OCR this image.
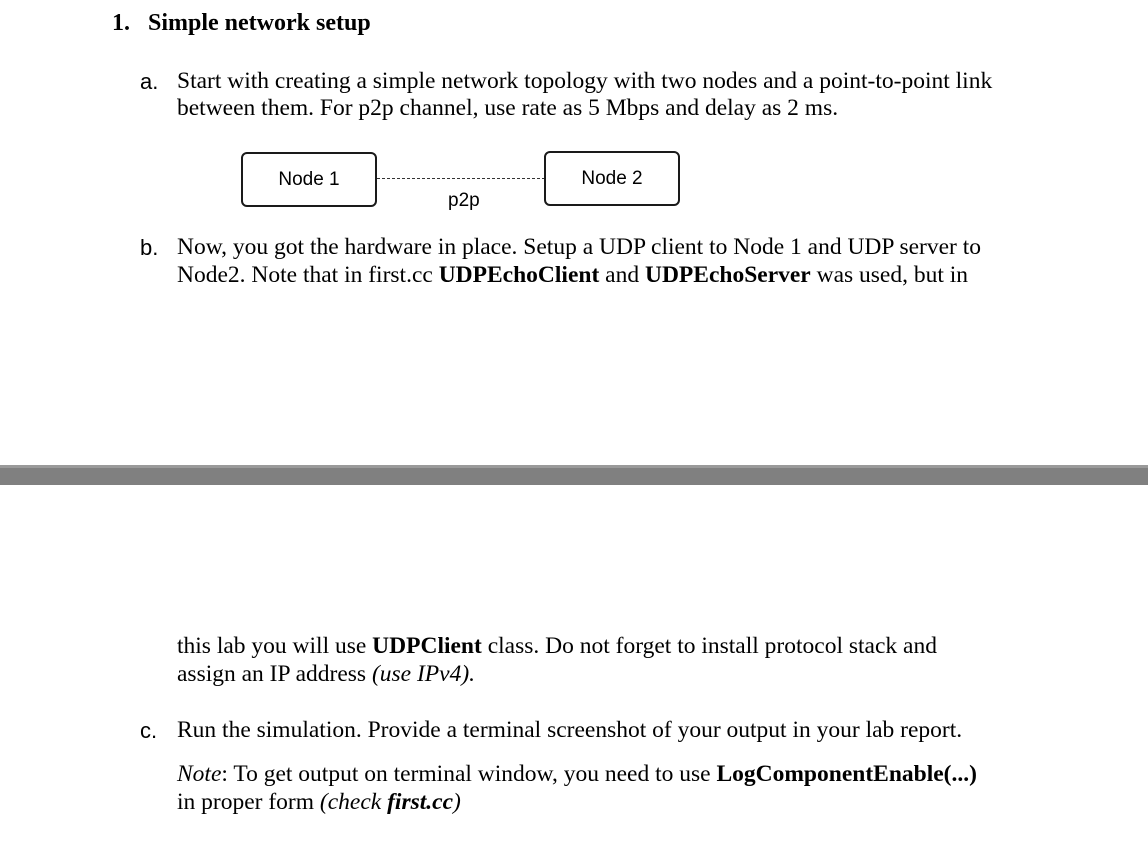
1. Simple network setup
a. Start with creating a simple network topology with two nodes and a point-to-point link
between them. For p2p channel, use rate as 5 Mbps and delay as 2 ms.
Node 1	Node 2
p2p
b. Now, you got the hardware in place. Setup a UDP client to Node 1 and UDP server to
Node2. Note that in first.cc UDPEchoClient and UDPEchoServer was used, but in
this lab you will use UDPClient class. Do not forget to install protocol stack and
assign an IP address (use IPv4).
c. Run the simulation. Provide a terminal screenshot of your output in your lab report.
Note: To get output on terminal window, you need to use LogComponentEnable(...)
in proper form (check first.cc)
